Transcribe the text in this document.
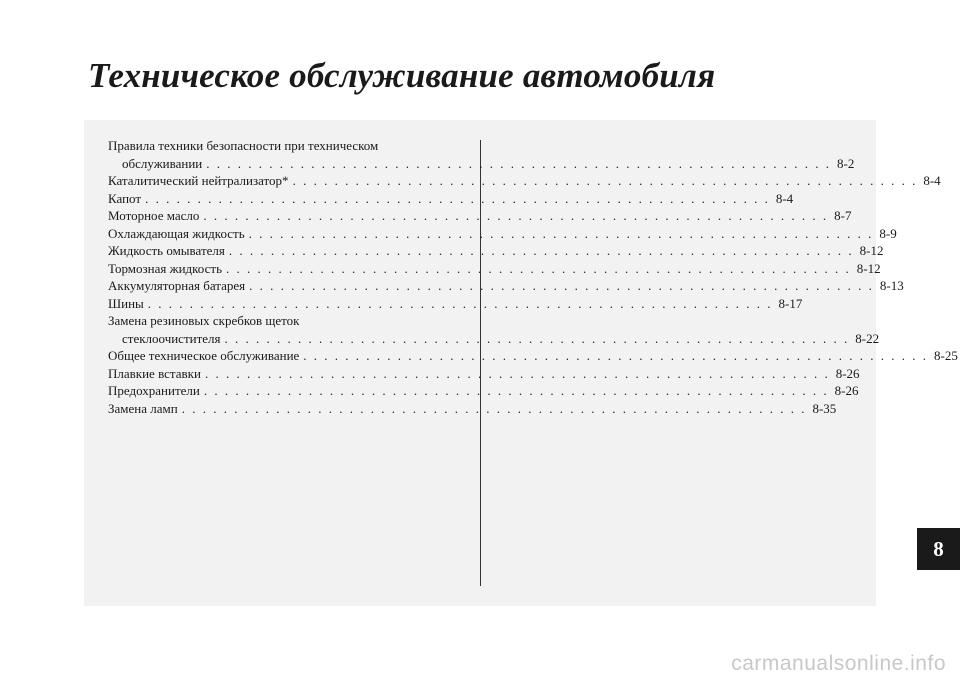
Техническое обслуживание автомобиля
Правила техники безопасности при техническом
обслуживании . . . . . . . . . . . . . . . . . . . . . . . . . . . . . . . . . . . . . . . . . . . . . . . . . . . . . . . . . . . . 8- 2
Каталитический нейтрализатор* . . . . . . . . . . . . . . . . . . . . . . . . . . . . . . . . . . . . . . . . . . . . . . . . . . . . . . . . . . . . 8- 4
Капот . . . . . . . . . . . . . . . . . . . . . . . . . . . . . . . . . . . . . . . . . . . . . . . . . . . . . . . . . . . . 8- 4
Моторное масло . . . . . . . . . . . . . . . . . . . . . . . . . . . . . . . . . . . . . . . . . . . . . . . . . . . . . . . . . . . . 8- 7
Охлаждающая жидкость . . . . . . . . . . . . . . . . . . . . . . . . . . . . . . . . . . . . . . . . . . . . . . . . . . . . . . . . . . . . 8- 9
Жидкость омывателя . . . . . . . . . . . . . . . . . . . . . . . . . . . . . . . . . . . . . . . . . . . . . . . . . . . . . . . . . . . . 8- 12
Тормозная жидкость . . . . . . . . . . . . . . . . . . . . . . . . . . . . . . . . . . . . . . . . . . . . . . . . . . . . . . . . . . . . 8- 12
Аккумуляторная батарея . . . . . . . . . . . . . . . . . . . . . . . . . . . . . . . . . . . . . . . . . . . . . . . . . . . . . . . . . . . . 8- 13
Шины . . . . . . . . . . . . . . . . . . . . . . . . . . . . . . . . . . . . . . . . . . . . . . . . . . . . . . . . . . . . 8- 17
Замена резиновых скребков щеток
стеклоочистителя . . . . . . . . . . . . . . . . . . . . . . . . . . . . . . . . . . . . . . . . . . . . . . . . . . . . . . . . . . . . 8- 22
Общее техническое обслуживание . . . . . . . . . . . . . . . . . . . . . . . . . . . . . . . . . . . . . . . . . . . . . . . . . . . . . . . . . . . . 8- 25
Плавкие вставки . . . . . . . . . . . . . . . . . . . . . . . . . . . . . . . . . . . . . . . . . . . . . . . . . . . . . . . . . . . . 8- 26
Предохранители . . . . . . . . . . . . . . . . . . . . . . . . . . . . . . . . . . . . . . . . . . . . . . . . . . . . . . . . . . . . 8- 26
Замена ламп . . . . . . . . . . . . . . . . . . . . . . . . . . . . . . . . . . . . . . . . . . . . . . . . . . . . . . . . . . . . 8- 35
8
carmanualsonline.info
